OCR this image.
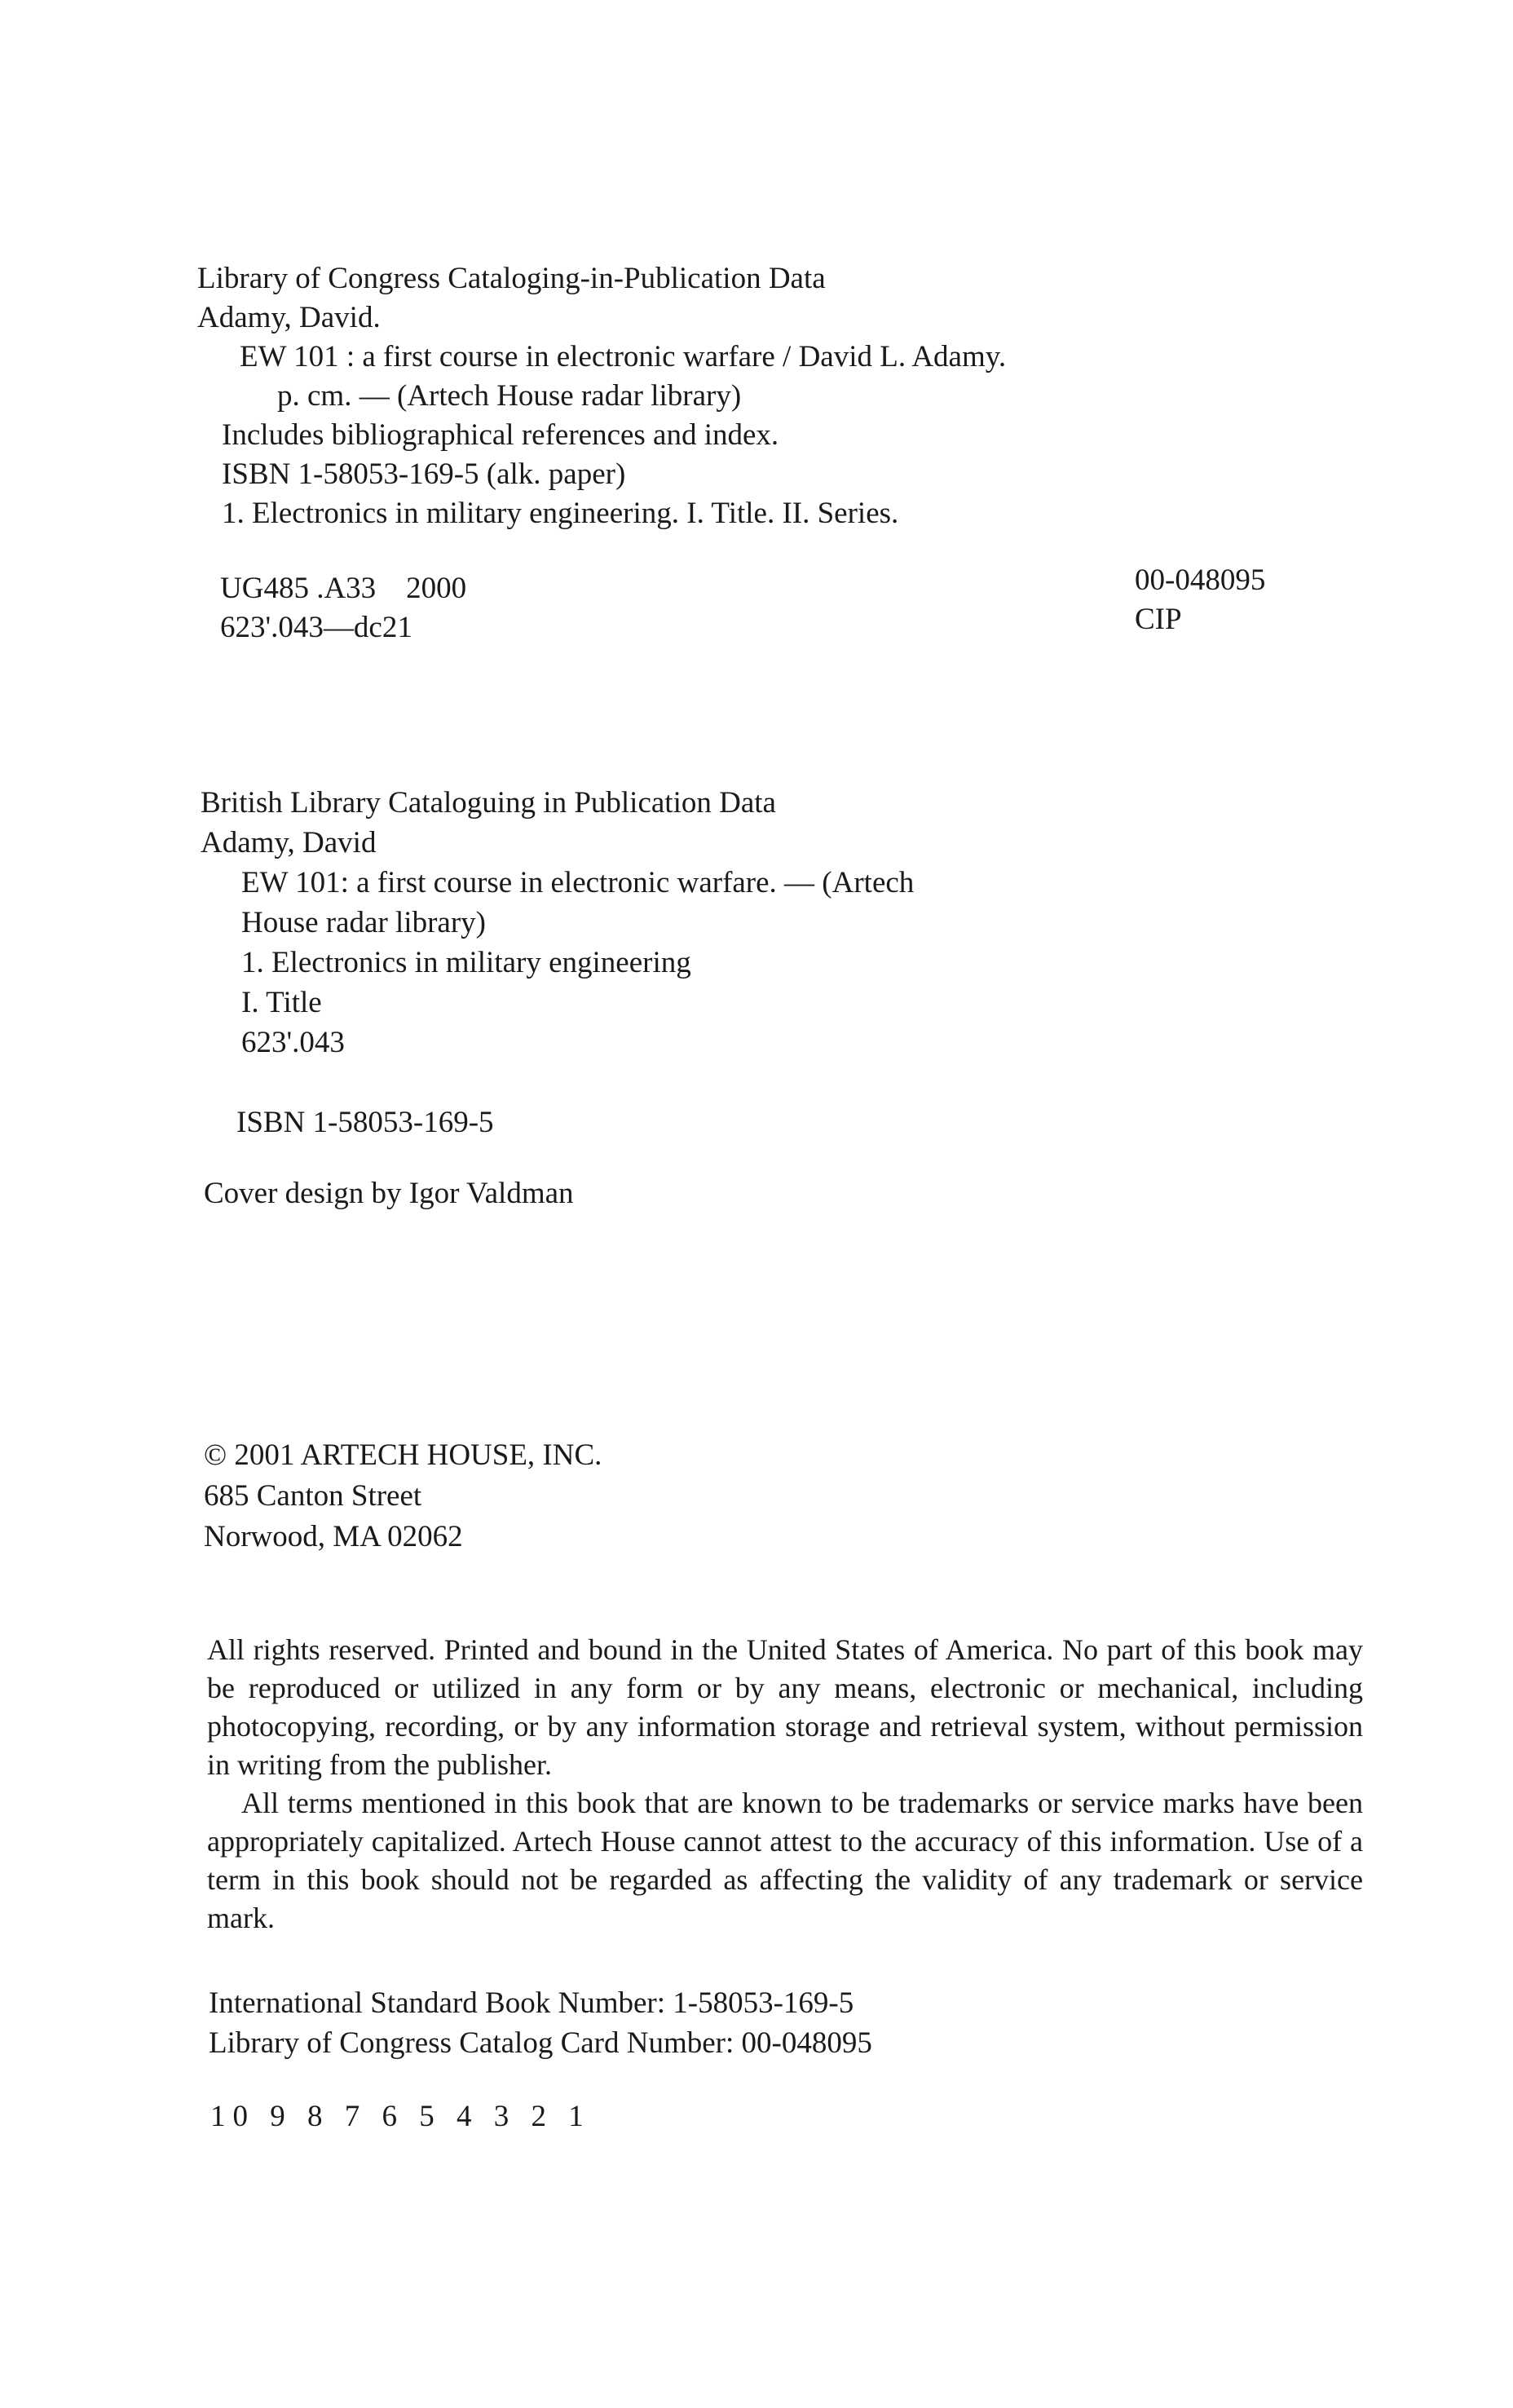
Library of Congress Cataloging-in-Publication Data
Adamy, David.
EW 101 : a first course in electronic warfare / David L. Adamy.
p. cm. — (Artech House radar library)
Includes bibliographical references and index.
ISBN 1-58053-169-5 (alk. paper)
1. Electronics in military engineering. I. Title. II. Series.
UG485 .A33    2000
623'.043—dc21
00-048095
CIP
British Library Cataloguing in Publication Data
Adamy, David
EW 101: a first course in electronic warfare. — (Artech
House radar library)
1. Electronics in military engineering
I. Title
623'.043
ISBN 1-58053-169-5
Cover design by Igor Valdman
© 2001 ARTECH HOUSE, INC.
685 Canton Street
Norwood, MA 02062

All rights reserved. Printed and bound in the United States of America. No part of this book may be reproduced or utilized in any form or by any means, electronic or mechanical, including photocopying, recording, or by any information storage and retrieval system, without permission in writing from the publisher.

All terms mentioned in this book that are known to be trademarks or service marks have been appropriately capitalized. Artech House cannot attest to the accuracy of this information. Use of a term in this book should not be regarded as affecting the validity of any trademark or service mark.

International Standard Book Number: 1-58053-169-5
Library of Congress Catalog Card Number: 00-048095
10 9 8 7 6 5 4 3 2 1
